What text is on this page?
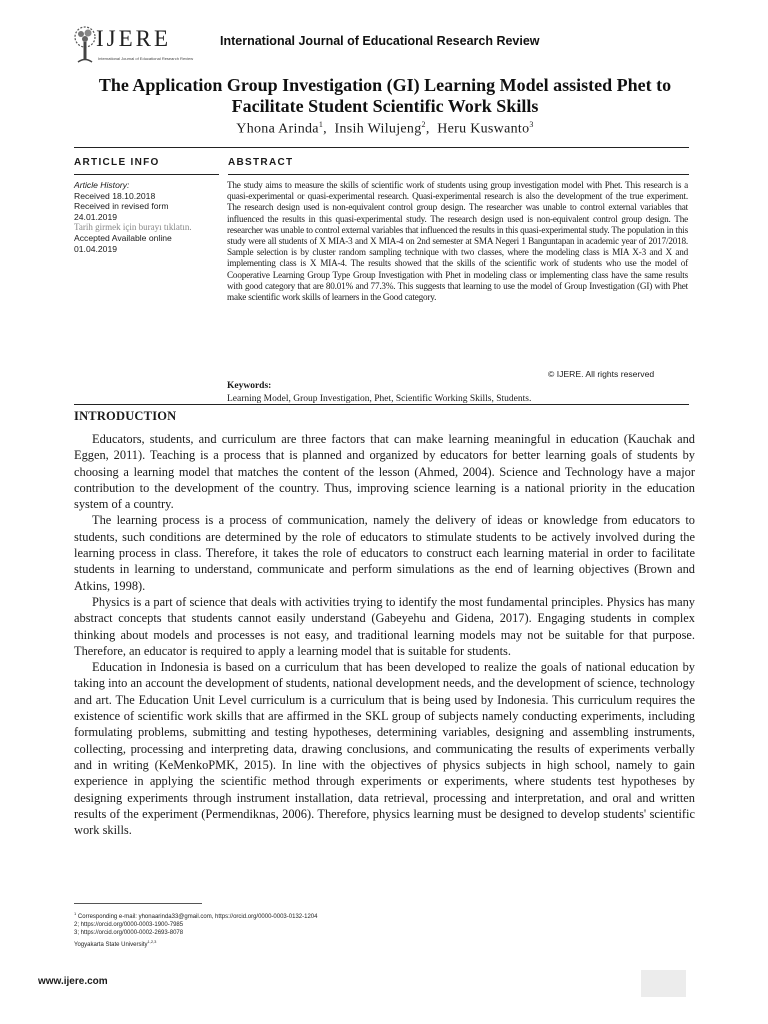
IJERE
International Journal of Educational Research Review
International Journal of Educational Research Review
The Application Group Investigation (GI) Learning Model assisted Phet to Facilitate Student Scientific Work Skills
Yhona Arinda$^1$,  Insih Wilujeng$^2$,  Heru Kuswanto$^3$
ARTICLE INFO	ABSTRACT
Article History:
Received 18.10.2018
Received in revised form
24.01.2019
Tarih girmek için burayı tıklatın.
Accepted Available online
01.04.2019
The study aims to measure the skills of scientific work of students using group investigation model with Phet. This research is a quasi-experimental or quasi-experimental research. Quasi-experimental research is also the development of the true experiment. The research design used is non-equivalent control group design. The researcher was unable to control external variables that influenced the results in this quasi-experimental study. The research design used is non-equivalent control group design. The researcher was unable to control external variables that influenced the results in this quasi-experimental study. The population in this study were all students of X MIA-3 and X MIA-4 on 2nd semester at SMA Negeri 1 Banguntapan in academic year of 2017/2018. Sample selection is by cluster random sampling technique with two classes, where the modeling class is MIA X-3 and X and implementing class is X MIA-4. The results showed that the skills of the scientific work of students who use the model of Cooperative Learning Group Type Group Investigation with Phet in modeling class or implementing class have the same results with good category that are 80.01% and 77.3%. This suggests that learning to use the model of Group Investigation (GI) with Phet make scientific work skills of learners in the Good category.
© IJERE. All rights reserved
Keywords:
Learning Model, Group Investigation, Phet, Scientific Working Skills, Students.
INTRODUCTION

Educators, students, and curriculum are three factors that can make learning meaningful in education (Kauchak and Eggen, 2011). Teaching is a process that is planned and organized by educators for better learning goals of students by choosing a learning model that matches the content of the lesson (Ahmed, 2004). Science and Technology have a major contribution to the development of the country. Thus, improving science learning is a national priority in the education system of a country.

The learning process is a process of communication, namely the delivery of ideas or knowledge from educators to students, such conditions are determined by the role of educators to stimulate students to be actively involved during the learning process in class. Therefore, it takes the role of educators to construct each learning material in order to facilitate students in learning to understand, communicate and perform simulations as the end of learning objectives (Brown and Atkins, 1998).

Physics is a part of science that deals with activities trying to identify the most fundamental principles. Physics has many abstract concepts that students cannot easily understand (Gabeyehu and Gidena, 2017). Engaging students in complex thinking about models and processes is not easy, and traditional learning models may not be suitable for that purpose. Therefore, an educator is required to apply a learning model that is suitable for students.

Education in Indonesia is based on a curriculum that has been developed to realize the goals of national education by taking into an account the development of students, national development needs, and the development of science, technology and art. The Education Unit Level curriculum is a curriculum that is being used by Indonesia. This curriculum requires the existence of scientific work skills that are affirmed in the SKL group of subjects namely conducting experiments, including formulating problems, submitting and testing hypotheses, determining variables, designing and assembling instruments, collecting, processing and interpreting data, drawing conclusions, and communicating the results of experiments verbally and in writing (KeMenkoPMK, 2015). In line with the objectives of physics subjects in high school, namely to gain experience in applying the scientific method through experiments or experiments, where students test hypotheses by designing experiments through instrument installation, data retrieval, processing and interpretation, and oral and written results of the experiment (Permendiknas, 2006). Therefore, physics learning must be designed to develop students' scientific work skills.

$^1$ Corresponding e-mail: yhonaarinda33@gmail.com, https://orcid.org/0000-0003-0132-1204
2; https://orcid.org/0000-0003-1900-7985
3; https://orcid.org/0000-0002-2693-8078
Yogyakarta State University$^{1,2,3}$
www.ijere.com
